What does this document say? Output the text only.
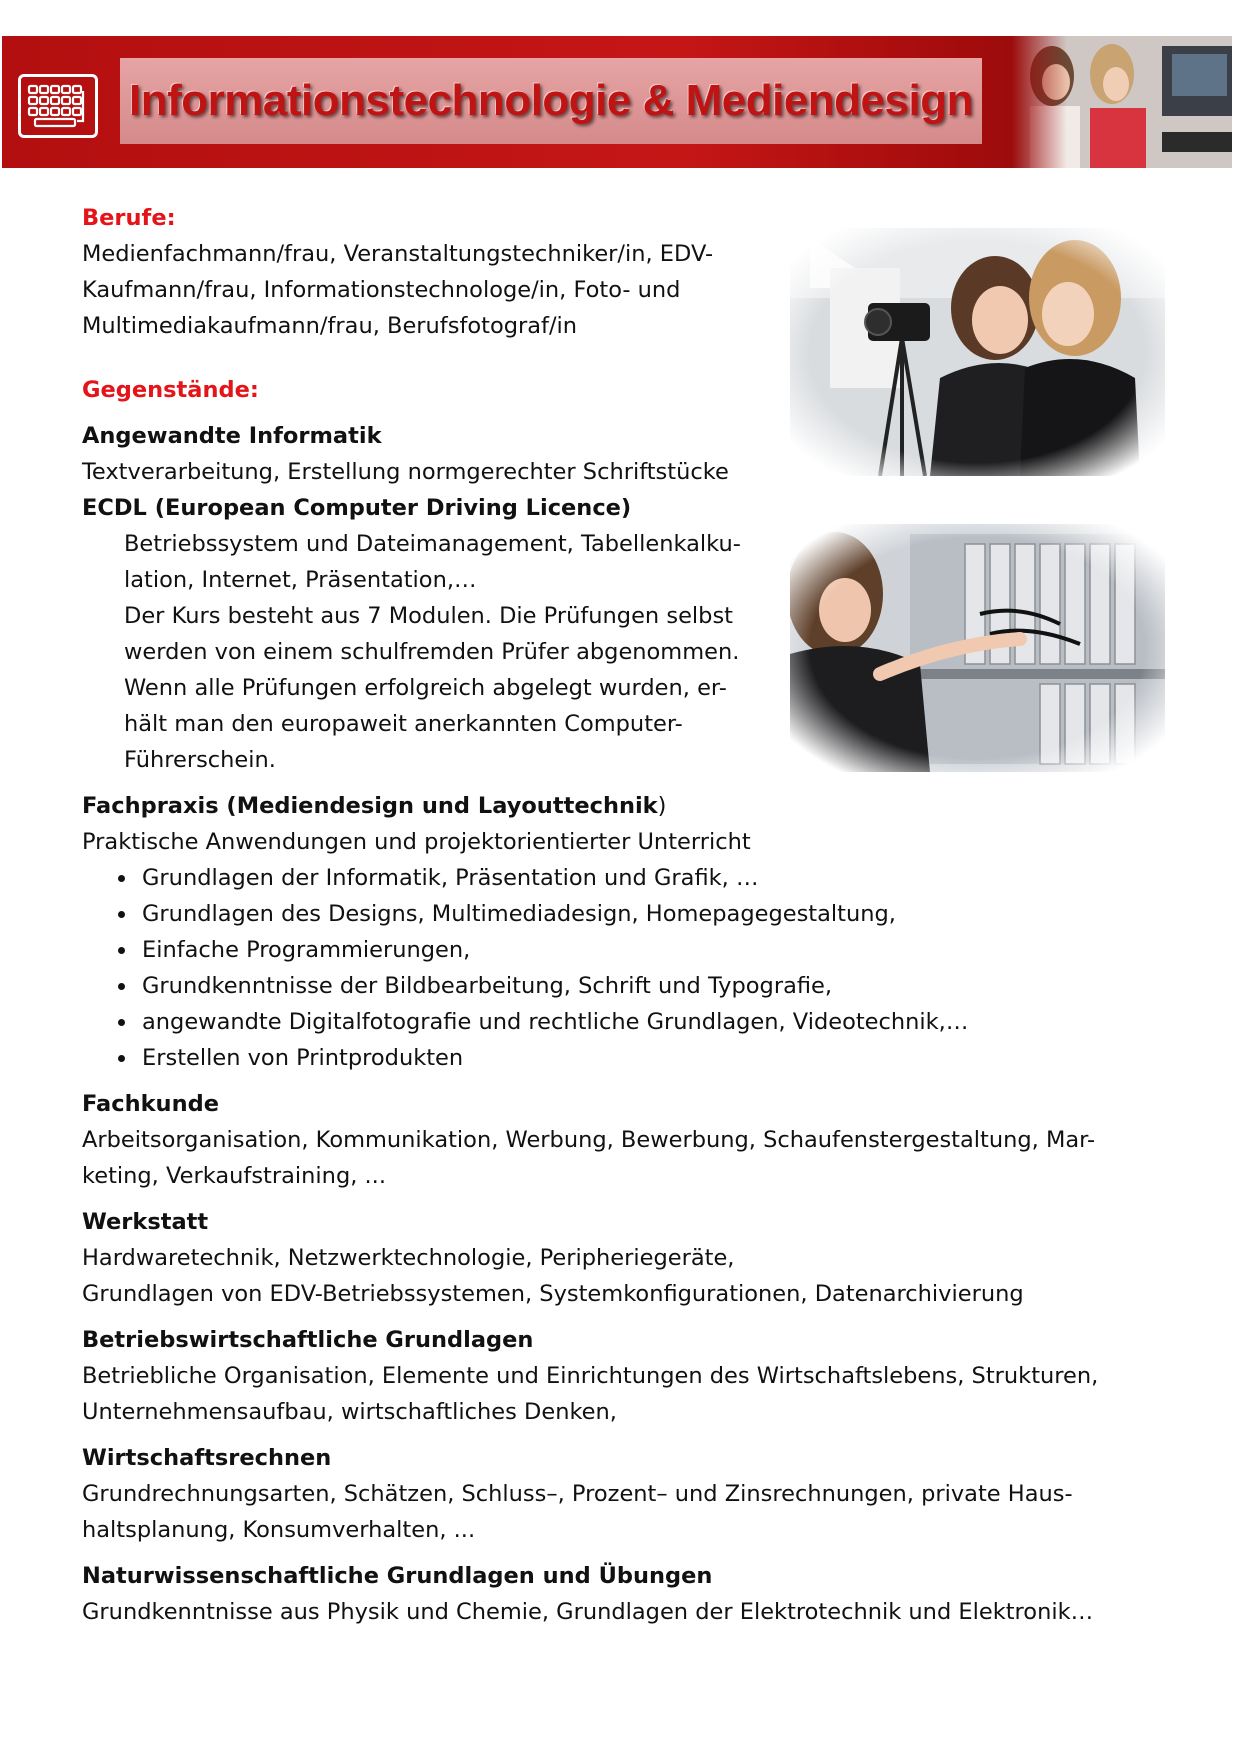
Informationstechnologie & Mediendesign
Berufe:
Medienfachmann/frau, Veranstaltungstechniker/in, EDV-
Kaufmann/frau, Informationstechnologe/in, Foto- und
Multimediakaufmann/frau, Berufsfotograf/in
Gegenstände:
Angewandte Informatik
Textverarbeitung, Erstellung normgerechter Schriftstücke
ECDL (European Computer Driving Licence)
Betriebssystem und Dateimanagement, Tabellenkalku-
lation, Internet, Präsentation,…
Der Kurs besteht aus 7 Modulen. Die Prüfungen selbst
werden von einem schulfremden Prüfer abgenommen.
Wenn alle Prüfungen erfolgreich abgelegt wurden, er-
hält man den europaweit anerkannten Computer-
Führerschein.
Fachpraxis (Mediendesign und Layouttechnik)
Praktische Anwendungen und projektorientierter Unterricht
Grundlagen der Informatik, Präsentation und Grafik, …
Grundlagen des Designs, Multimediadesign, Homepagegestaltung,
Einfache Programmierungen,
Grundkenntnisse der Bildbearbeitung, Schrift und Typografie,
angewandte Digitalfotografie und rechtliche Grundlagen, Videotechnik,…
Erstellen von Printprodukten
Fachkunde
Arbeitsorganisation, Kommunikation, Werbung, Bewerbung, Schaufenstergestaltung, Mar-
keting, Verkaufstraining, ...
Werkstatt
Hardwaretechnik, Netzwerktechnologie, Peripheriegeräte,
Grundlagen von EDV-Betriebssystemen, Systemkonfigurationen, Datenarchivierung
Betriebswirtschaftliche Grundlagen
Betriebliche Organisation, Elemente und Einrichtungen des Wirtschaftslebens, Strukturen,
Unternehmensaufbau, wirtschaftliches Denken,
Wirtschaftsrechnen
Grundrechnungsarten, Schätzen, Schluss–, Prozent– und Zinsrechnungen, private Haus-
haltsplanung, Konsumverhalten, ...
Naturwissenschaftliche Grundlagen und Übungen
Grundkenntnisse aus Physik und Chemie, Grundlagen der Elektrotechnik und Elektronik…
